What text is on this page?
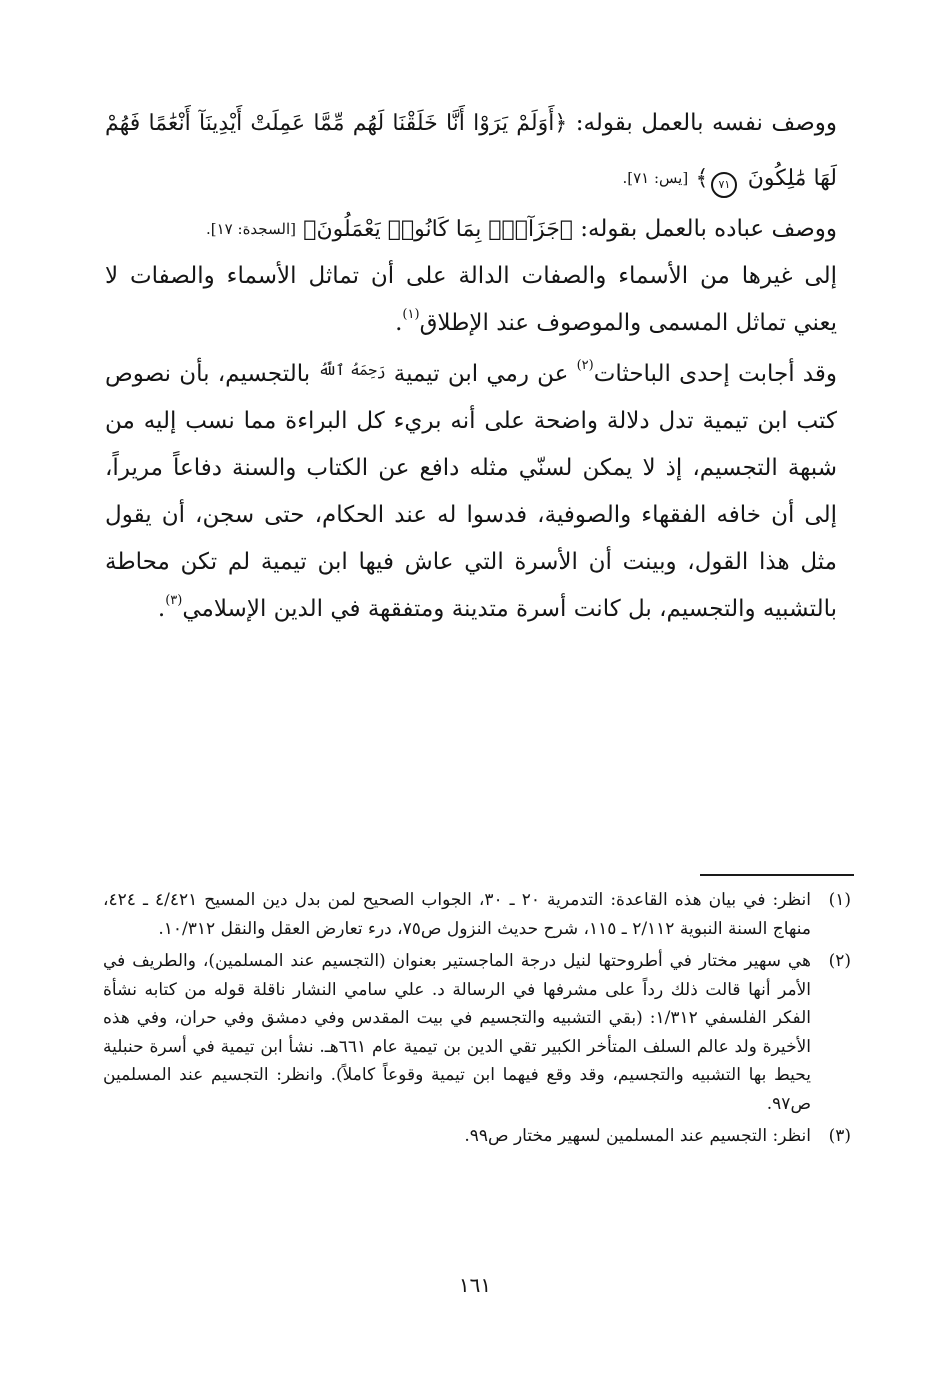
ووصف نفسه بالعمل بقوله: ﴿أَوَلَمْ يَرَوْا أَنَّا خَلَقْنَا لَهُم مِّمَّا عَمِلَتْ أَيْدِينَآ أَنْعَٰمًا فَهُمْ لَهَا مَٰلِكُونَ ٧١﴾ [يس: ٧١].

ووصف عباده بالعمل بقوله: ﴿جَزَآءًۢ بِمَا كَانُوا۟ يَعْمَلُونَ﴾ [السجدة: ١٧].

إلى غيرها من الأسماء والصفات الدالة على أن تماثل الأسماء والصفات لا يعني تماثل المسمى والموصوف عند الإطلاق$^{(١)}$.

وقد أجابت إحدى الباحثات$^{(٢)}$ عن رمي ابن تيمية $^{رَحِمَهُ ٱللَّهُ}$ بالتجسيم، بأن نصوص كتب ابن تيمية تدل دلالة واضحة على أنه بريء كل البراءة مما نسب إليه من شبهة التجسيم، إذ لا يمكن لسنّي مثله دافع عن الكتاب والسنة دفاعاً مريراً، إلى أن خافه الفقهاء والصوفية، فدسوا له عند الحكام، حتى سجن، أن يقول مثل هذا القول، وبينت أن الأسرة التي عاش فيها ابن تيمية لم تكن محاطة بالتشبيه والتجسيم، بل كانت أسرة متدينة ومتفقهة في الدين الإسلامي$^{(٣)}$.

(١)
انظر: في بيان هذه القاعدة: التدمرية ٢٠ ـ ٣٠، الجواب الصحيح لمن بدل دين المسيح ٤/٤٢١ ـ ٤٢٤، منهاج السنة النبوية ٢/١١٢ ـ ١١٥، شرح حديث النزول ص٧٥، درء تعارض العقل والنقل ١٠/٣١٢.
(٢)
هي سهير مختار في أطروحتها لنيل درجة الماجستير بعنوان (التجسيم عند المسلمين)، والطريف في الأمر أنها قالت ذلك رداً على مشرفها في الرسالة د. علي سامي النشار ناقلة قوله من كتابه نشأة الفكر الفلسفي ١/٣١٢: (بقي التشبيه والتجسيم في بيت المقدس وفي دمشق وفي حران، وفي هذه الأخيرة ولد عالم السلف المتأخر الكبير تقي الدين بن تيمية عام ٦٦١هـ. نشأ ابن تيمية في أسرة حنبلية يحيط بها التشبيه والتجسيم، وقد وقع فيهما ابن تيمية وقوعاً كاملاً). وانظر: التجسيم عند المسلمين ص٩٧.
(٣)
انظر: التجسيم عند المسلمين لسهير مختار ص٩٩.
١٦١
